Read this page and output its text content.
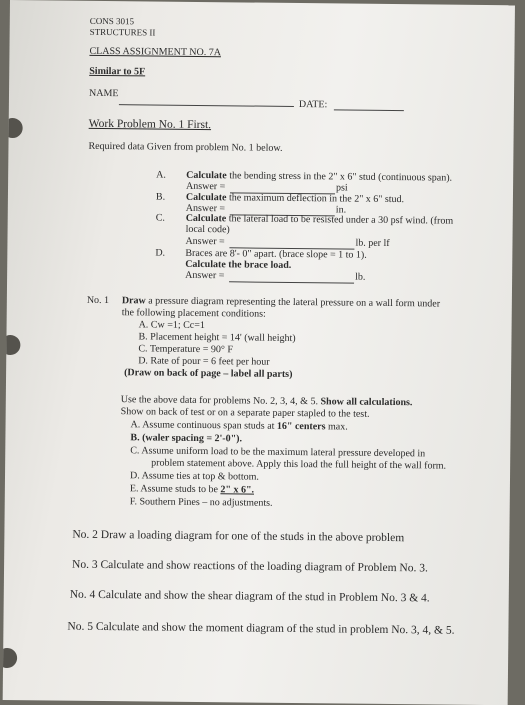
CONS 3015
STRUCTURES II
CLASS ASSIGNMENT NO. 7A
Similar to 5F
NAME
DATE:
Work Problem No. 1 First.
Required data Given from problem No. 1 below.
A. Calculate the bending stress in the 2" x 6" stud (continuous span).
Answer =	psi
B. Calculate the maximum deflection in the 2" x 6" stud.
Answer =	in.
C. Calculate the lateral load to be resisted under a 30 psf wind. (from
local code)
Answer =	lb. per lf
D. Braces are 8'- 0" apart. (brace slope = 1 to 1).
Calculate the brace load.
Answer =	lb.
No. 1 Draw a pressure diagram representing the lateral pressure on a wall form under
the following placement conditions:
A. Cw =1; Cc=1
B. Placement height = 14' (wall height)
C. Temperature = 90° F
D. Rate of pour = 6 feet per hour
(Draw on back of page – label all parts)
Use the above data for problems No. 2, 3, 4, & 5. Show all calculations.
Show on back of test or on a separate paper stapled to the test.
A. Assume continuous span studs at 16" centers max.
B. (waler spacing = 2'-0").
C. Assume uniform load to be the maximum lateral pressure developed in
problem statement above. Apply this load the full height of the wall form.
D. Assume ties at top & bottom.
E. Assume studs to be 2" x 6".
F. Southern Pines – no adjustments.
No. 2 Draw a loading diagram for one of the studs in the above problem
No. 3 Calculate and show reactions of the loading diagram of Problem No. 3.
No. 4 Calculate and show the shear diagram of the stud in Problem No. 3 & 4.
No. 5 Calculate and show the moment diagram of the stud in problem No. 3, 4, & 5.
